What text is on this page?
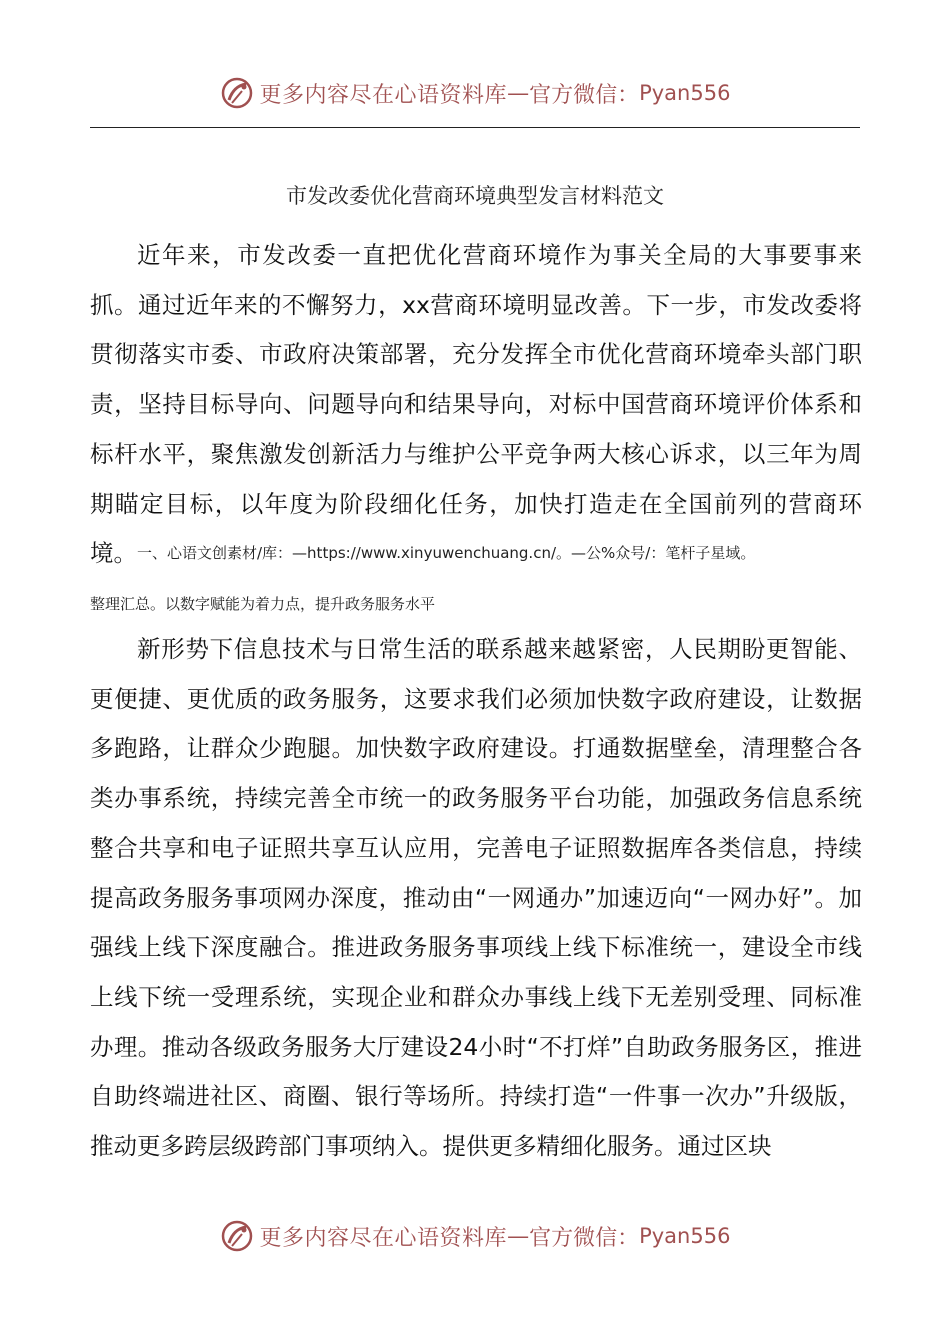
更多内容尽在心语资料库 — 官方微信： Pyan556
市发改委优化营商环境典型发言材料范文

近年来，市发改委一直把优化营商环境作为事关全局的大事要事来抓。通过近年来的不懈努力，xx营商环境明显改善。下一步，市发改委将贯彻落实市委、市政府决策部署，充分发挥全市优化营商环境牵头部门职责，坚持目标导向、问题导向和结果导向，对标中国营商环境评价体系和标杆水平，聚焦激发创新活力与维护公平竞争两大核心诉求，以三年为周期瞄定目标，以年度为阶段细化任务，加快打造走在全国前列的营商环境。 一、心语文创素材/库：—https://www.xinyuwenchuang.cn/。—公%众号/：笔杆子星域。

整理汇总。以数字赋能为着力点，提升政务服务水平

新形势下信息技术与日常生活的联系越来越紧密，人民期盼更智能、更便捷、更优质的政务服务，这要求我们必须加快数字政府建设，让数据多跑路，让群众少跑腿。加快数字政府建设。打通数据壁垒，清理整合各类办事系统，持续完善全市统一的政务服务平台功能，加强政务信息系统整合共享和电子证照共享互认应用，完善电子证照数据库各类信息，持续提高政务服务事项网办深度，推动由“一网通办”加速迈向“一网办好”。加强线上线下深度融合。推进政务服务事项线上线下标准统一，建设全市线上线下统一受理系统，实现企业和群众办事线上线下无差别受理、同标准办理。推动各级政务服务大厅建设24小时“不打烊”自助政务服务区，推进自助终端进社区、商圈、银行等场所。持续打造“一件事一次办”升级版，推动更多跨层级跨部门事项纳入。提供更多精细化服务。通过区块

更多内容尽在心语资料库 — 官方微信： Pyan556
